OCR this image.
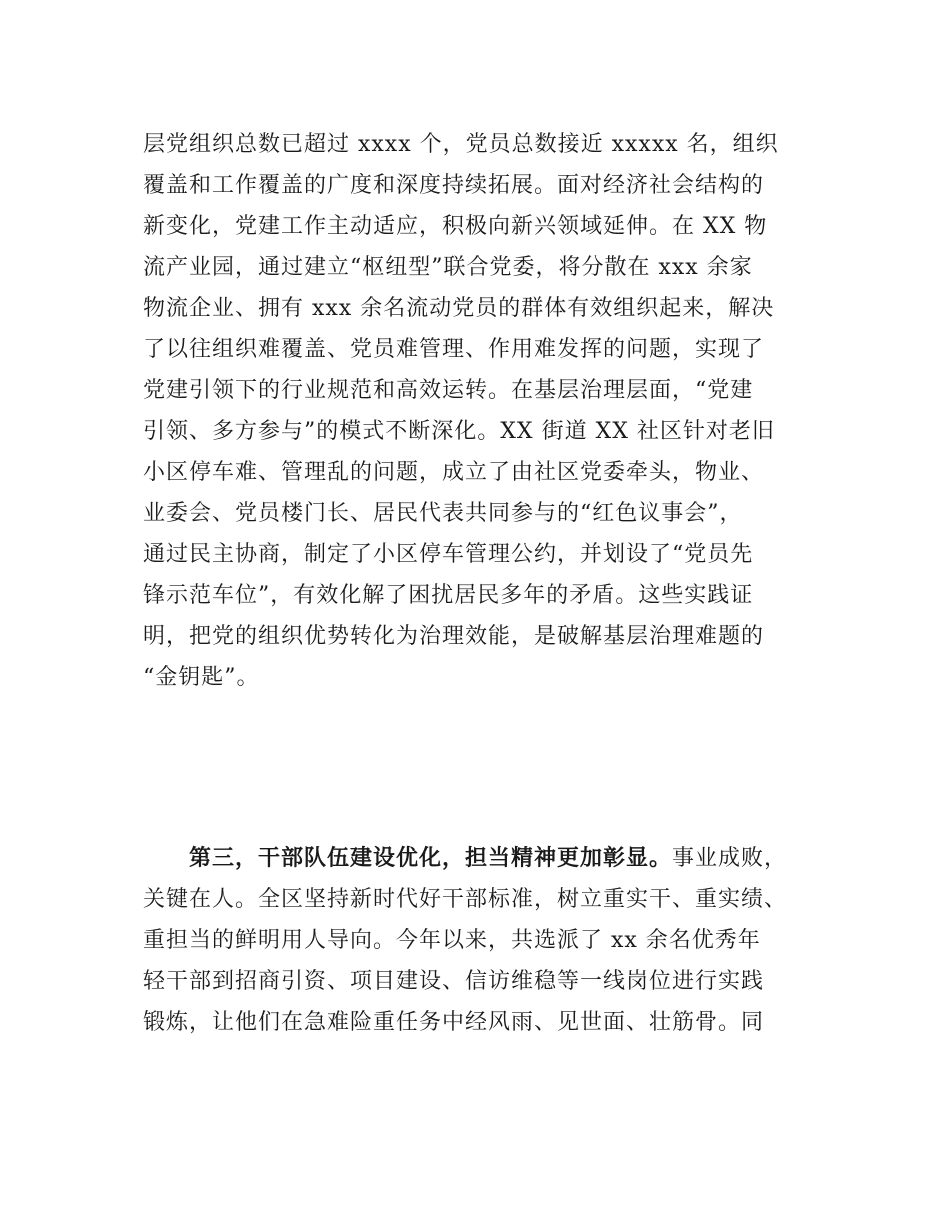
层党组织总数已超过 xxxx 个，党员总数接近 xxxxx 名，组织
覆盖和工作覆盖的广度和深度持续拓展。面对经济社会结构的
新变化，党建工作主动适应，积极向新兴领域延伸。在 XX 物
流产业园，通过建立“枢纽型”联合党委，将分散在 xxx 余家
物流企业、拥有 xxx 余名流动党员的群体有效组织起来，解决
了以往组织难覆盖、党员难管理、作用难发挥的问题，实现了
党建引领下的行业规范和高效运转。在基层治理层面，“党建
引领、多方参与”的模式不断深化。XX 街道 XX 社区针对老旧
小区停车难、管理乱的问题，成立了由社区党委牵头，物业、
业委会、党员楼门长、居民代表共同参与的“红色议事会”，
通过民主协商，制定了小区停车管理公约，并划设了“党员先
锋示范车位”，有效化解了困扰居民多年的矛盾。这些实践证
明，把党的组织优势转化为治理效能，是破解基层治理难题的
“金钥匙”。
第三，干部队伍建设优化，担当精神更加彰显。事业成败，
关键在人。全区坚持新时代好干部标准，树立重实干、重实绩、
重担当的鲜明用人导向。今年以来，共选派了 xx 余名优秀年
轻干部到招商引资、项目建设、信访维稳等一线岗位进行实践
锻炼，让他们在急难险重任务中经风雨、见世面、壮筋骨。同
